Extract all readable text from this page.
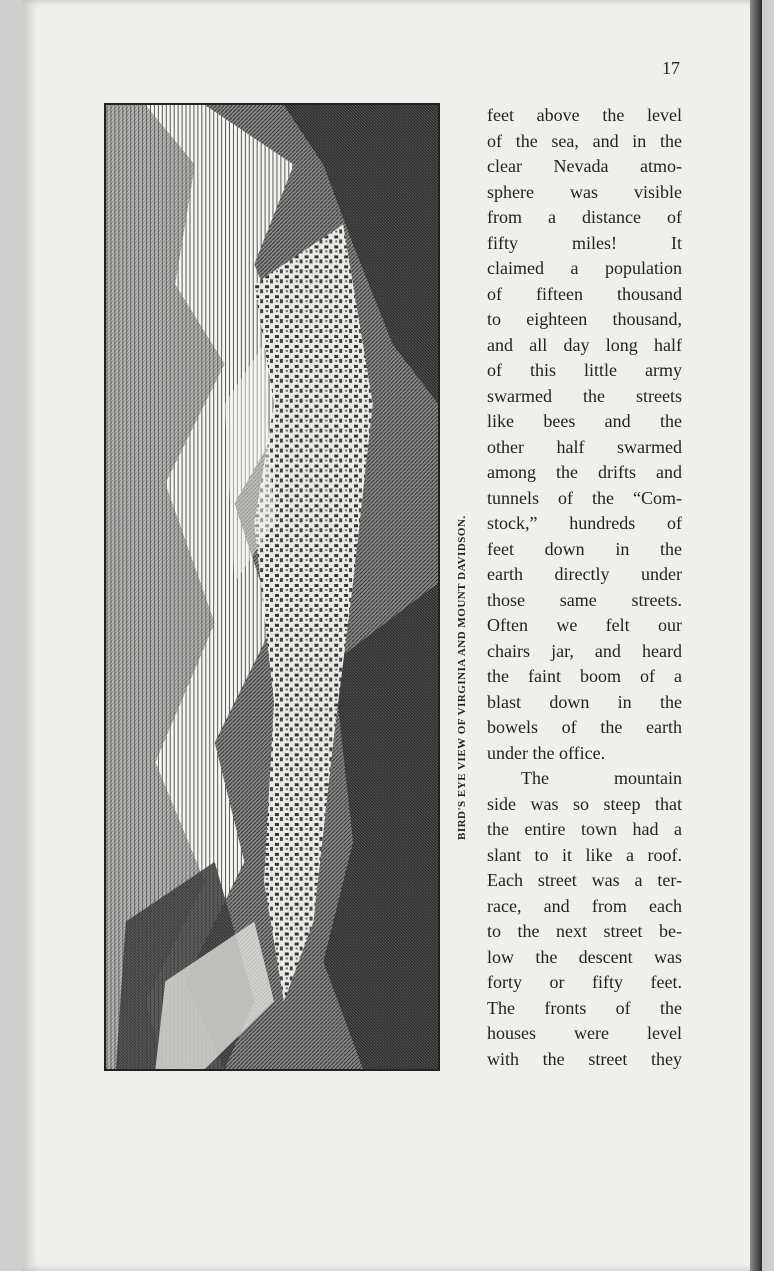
17
BIRD'S EYE VIEW OF VIRGINIA AND MOUNT DAVIDSON.
feet above the level
of the sea, and in the
clear Nevada atmo-
sphere was visible
from a distance of
fifty miles! It
claimed a population
of fifteen thousand
to eighteen thousand,
and all day long half
of this little army
swarmed the streets
like bees and the
other half swarmed
among the drifts and
tunnels of the “Com-
stock,” hundreds of
feet down in the
earth directly under
those same streets.
Often we felt our
chairs jar, and heard
the faint boom of a
blast down in the
bowels of the earth
under the office.
The mountain
side was so steep that
the entire town had a
slant to it like a roof.
Each street was a ter-
race, and from each
to the next street be-
low the descent was
forty or fifty feet.
The fronts of the
houses were level
with the street they
